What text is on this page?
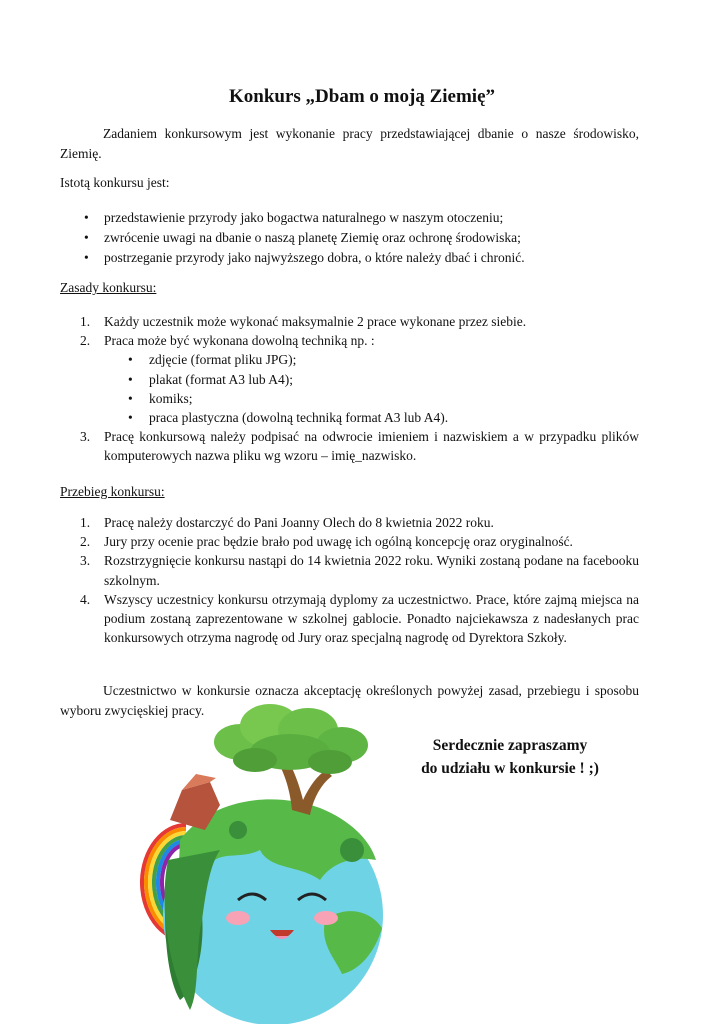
Konkurs „Dbam o moją Ziemię”

Zadaniem konkursowym jest wykonanie pracy przedstawiającej dbanie o nasze środowisko, Ziemię.

Istotą konkursu jest:

• przedstawienie przyrody jako bogactwa naturalnego w naszym otoczeniu;
• zwrócenie uwagi na dbanie o naszą planetę Ziemię oraz ochronę środowiska;
• postrzeganie przyrody jako najwyższego dobra, o które należy dbać i chronić.

Zasady konkursu:

1. Każdy uczestnik może wykonać maksymalnie 2 prace wykonane przez siebie.
2. Praca może być wykonana dowolną techniką np. :
• zdjęcie (format pliku JPG);
• plakat (format A3 lub A4);
• komiks;
• praca plastyczna (dowolną techniką format A3 lub A4).
3. Pracę konkursową należy podpisać na odwrocie imieniem i nazwiskiem a w przypadku plików komputerowych nazwa pliku wg wzoru – imię_nazwisko.

Przebieg konkursu:

1. Pracę należy dostarczyć do Pani Joanny Olech do 8 kwietnia 2022 roku.
2. Jury przy ocenie prac będzie brało pod uwagę ich ogólną koncepcję oraz oryginalność.
3. Rozstrzygnięcie konkursu nastąpi do 14 kwietnia 2022 roku. Wyniki zostaną podane na facebooku szkolnym.
4. Wszyscy uczestnicy konkursu otrzymają dyplomy za uczestnictwo. Prace, które zajmą miejsca na podium zostaną zaprezentowane w szkolnej gablocie. Ponadto najciekawsza z nadesłanych prac konkursowych otrzyma nagrodę od Jury oraz specjalną nagrodę od Dyrektora Szkoły.

Uczestnictwo w konkursie oznacza akceptację określonych powyżej zasad, przebiegu i sposobu wyboru zwycięskiej pracy.

Serdecznie zapraszamy
do udziału w konkursie ! ;)
